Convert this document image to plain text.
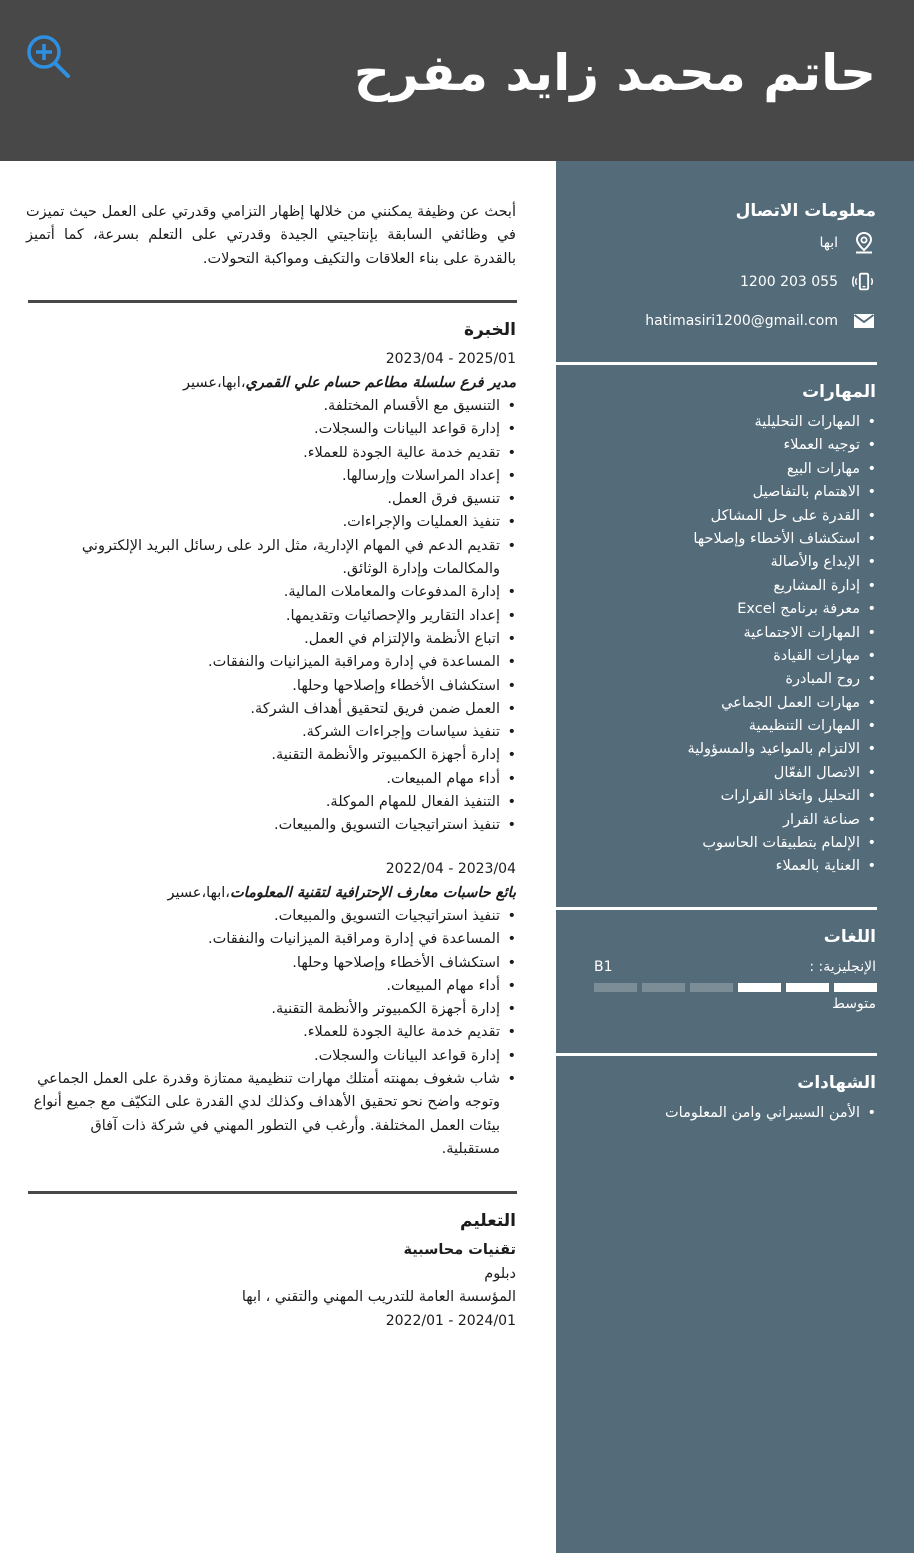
حاتم محمد زايد مفرح
معلومات الاتصال
ابها
1200 203 055
hatimasiri1200@gmail.com
المهارات
• المهارات التحليلية
• توجيه العملاء
• مهارات البيع
• الاهتمام بالتفاصيل
• القدرة على حل المشاكل
• استكشاف الأخطاء وإصلاحها
• الإبداع والأصالة
• إدارة المشاريع
• معرفة برنامج Excel
• المهارات الاجتماعية
• مهارات القيادة
• روح المبادرة
• مهارات العمل الجماعي
• المهارات التنظيمية
• الالتزام بالمواعيد والمسؤولية
• الاتصال الفعّال
• التحليل واتخاذ القرارات
• صناعة القرار
• الإلمام بتطبيقات الحاسوب
• العناية بالعملاء
اللغات
الإنجليزية: :
B1
متوسط
الشهادات
• الأمن السيبراني وامن المعلومات
أبحث عن وظيفة يمكنني من خلالها إظهار التزامي وقدرتي على العمل حيث تميزت في وظائفي السابقة بإنتاجيتي الجيدة وقدرتي على التعلم بسرعة، كما أتميز بالقدرة على بناء العلاقات والتكيف ومواكبة التحولات.
الخبرة
2023/04 - 2025/01
مدير فرع سلسلة مطاعم حسام علي القمري،ابها،عسير
• التنسيق مع الأقسام المختلفة.
• إدارة قواعد البيانات والسجلات.
• تقديم خدمة عالية الجودة للعملاء.
• إعداد المراسلات وإرسالها.
• تنسيق فرق العمل.
• تنفيذ العمليات والإجراءات.
• تقديم الدعم في المهام الإدارية، مثل الرد على رسائل البريد الإلكتروني والمكالمات وإدارة الوثائق.
• إدارة المدفوعات والمعاملات المالية.
• إعداد التقارير والإحصائيات وتقديمها.
• اتباع الأنظمة والإلتزام في العمل.
• المساعدة في إدارة ومراقبة الميزانيات والنفقات.
• استكشاف الأخطاء وإصلاحها وحلها.
• العمل ضمن فريق لتحقيق أهداف الشركة.
• تنفيذ سياسات وإجراءات الشركة.
• إدارة أجهزة الكمبيوتر والأنظمة التقنية.
• أداء مهام المبيعات.
• التنفيذ الفعال للمهام الموكلة.
• تنفيذ استراتيجيات التسويق والمبيعات.
2022/04 - 2023/04
بائع حاسبات معارف الإحترافية لتقنية المعلومات،ابها،عسير
• تنفيذ استراتيجيات التسويق والمبيعات.
• المساعدة في إدارة ومراقبة الميزانيات والنفقات.
• استكشاف الأخطاء وإصلاحها وحلها.
• أداء مهام المبيعات.
• إدارة أجهزة الكمبيوتر والأنظمة التقنية.
• تقديم خدمة عالية الجودة للعملاء.
• إدارة قواعد البيانات والسجلات.
• شاب شغوف بمهنته أمتلك مهارات تنظيمية ممتازة وقدرة على العمل الجماعي وتوجه واضح نحو تحقيق الأهداف وكذلك لدي القدرة على التكيّف مع جميع أنواع بيئات العمل المختلفة. وأرغب في التطور المهني في شركة ذات آفاق مستقبلية.
التعليم
تقنيات محاسبية
دبلوم
المؤسسة العامة للتدريب المهني والتقني ، ابها
2022/01 - 2024/01
